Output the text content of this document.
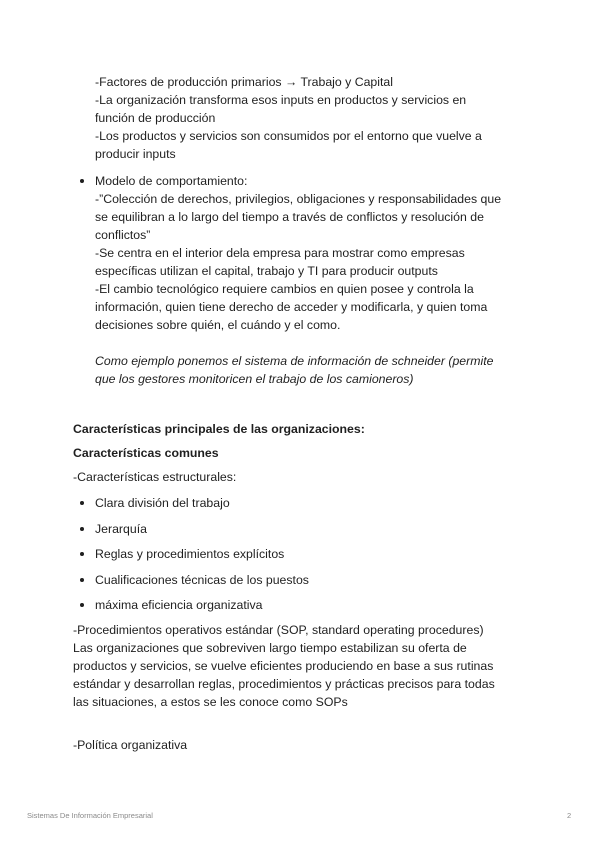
-Factores de producción primarios → Trabajo y Capital
-La organización transforma esos inputs en productos y servicios en
función de producción
-Los productos y servicios son consumidos por el entorno que vuelve a
producir inputs
Modelo de comportamiento:
-”Colección de derechos, privilegios, obligaciones y responsabilidades que
se equilibran a lo largo del tiempo a través de conflictos y resolución de
conflictos”
-Se centra en el interior dela empresa para mostrar como empresas
específicas utilizan el capital, trabajo y TI para producir outputs
-El cambio tecnológico requiere cambios en quien posee y controla la
información, quien tiene derecho de acceder y modificarla, y quien toma
decisiones sobre quién, el cuándo y el como.
Como ejemplo ponemos el sistema de información de schneider (permite
que los gestores monitoricen el trabajo de los camioneros)
Características principales de las organizaciones:
Características comunes
-Características estructurales:
Clara división del trabajo
Jerarquía
Reglas y procedimientos explícitos
Cualificaciones técnicas de los puestos
máxima eficiencia organizativa
-Procedimientos operativos estándar (SOP, standard operating procedures)
Las organizaciones que sobreviven largo tiempo estabilizan su oferta de
productos y servicios, se vuelve eficientes produciendo en base a sus rutinas
estándar y desarrollan reglas, procedimientos y prácticas precisos para todas
las situaciones, a estos se les conoce como SOPs
-Política organizativa
Sistemas De Información Empresarial	2
